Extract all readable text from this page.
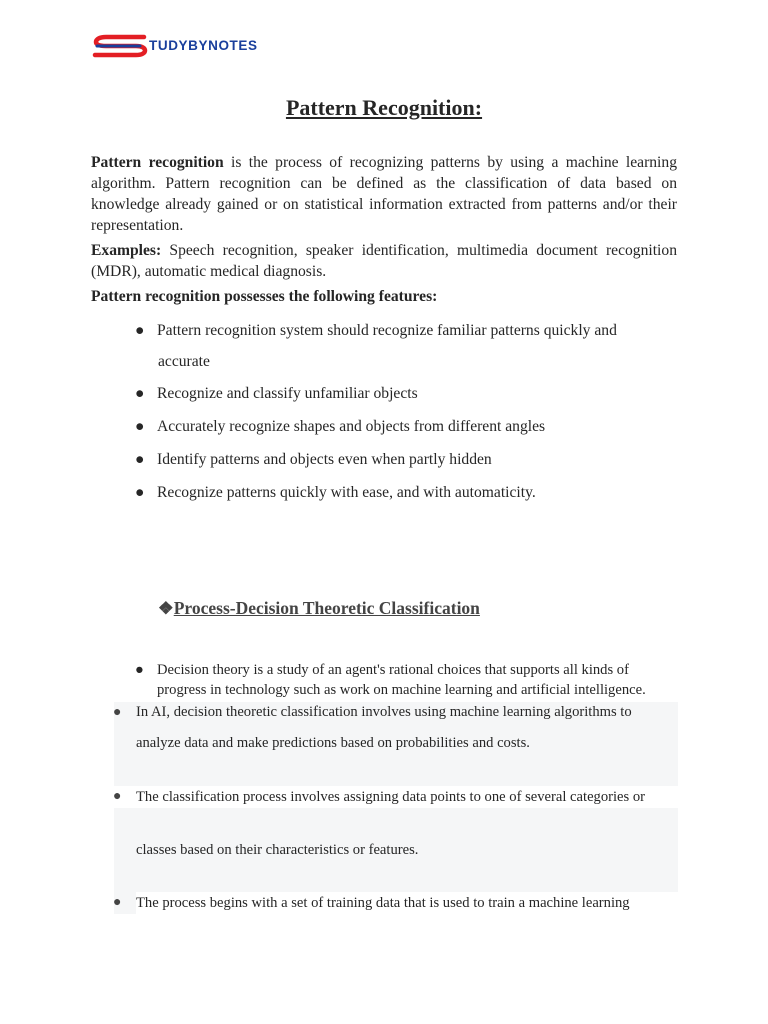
TUDYBYNOTES
Pattern Recognition:

Pattern recognition is the process of recognizing patterns by using a machine learning algorithm. Pattern recognition can be defined as the classification of data based on knowledge already gained or on statistical information extracted from patterns and/or their representation.

Examples: Speech recognition, speaker identification, multimedia document recognition (MDR), automatic medical diagnosis.

Pattern recognition possesses the following features:

● Pattern recognition system should recognize familiar patterns quickly and
accurate
● Recognize and classify unfamiliar objects
● Accurately recognize shapes and objects from different angles
● Identify patterns and objects even when partly hidden
● Recognize patterns quickly with ease, and with automaticity.
❖Process-Decision Theoretic Classification
● Decision theory is a study of an agent's rational choices that supports all kinds of
progress in technology such as work on machine learning and artificial intelligence.
● In AI, decision theoretic classification involves using machine learning algorithms to
analyze data and make predictions based on probabilities and costs.
● The classification process involves assigning data points to one of several categories or
classes based on their characteristics or features.
● The process begins with a set of training data that is used to train a machine learning
